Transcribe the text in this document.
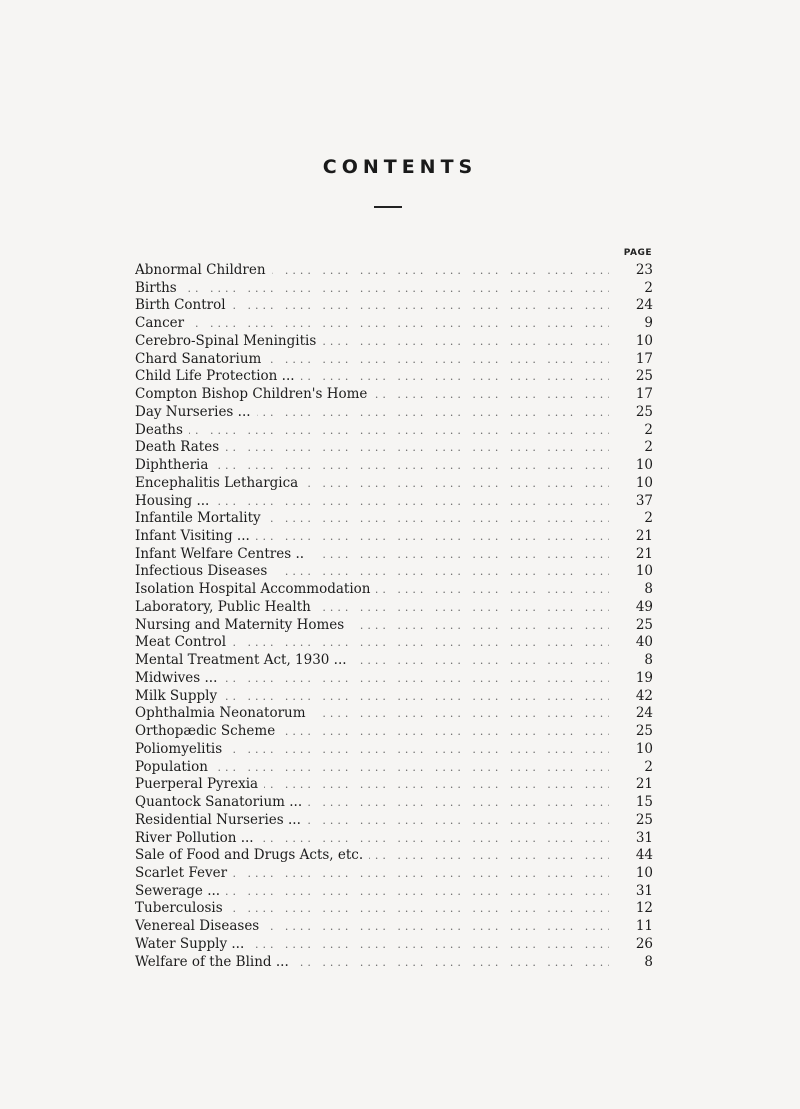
CONTENTS
PAGE
....
Abnormal Children	23
....
Births	2
....
Birth Control	24
....
Cancer	9
....
Cerebro-Spinal Meningitis	10
....
Chard Sanatorium	17
....
Child Life Protection ...	25
....
Compton Bishop Children's Home	17
....
Day Nurseries ...	25
....
Deaths	2
....
Death Rates	2
....
Diphtheria	10
....
Encephalitis Lethargica	10
....
Housing ...	37
....
Infantile Mortality	2
....
Infant Visiting ...	21
....
Infant Welfare Centres ..	21
....
Infectious Diseases	10
....
Isolation Hospital Accommodation	8
....
Laboratory, Public Health	49
....
Nursing and Maternity Homes	25
....
Meat Control	40
....
Mental Treatment Act, 1930 ...	8
....
Midwives ...	19
....
Milk Supply	42
....
Ophthalmia Neonatorum	24
....
Orthopædic Scheme	25
....
Poliomyelitis	10
....
Population	2
....
Puerperal Pyrexia	21
....
Quantock Sanatorium ...	15
....
Residential Nurseries ...	25
....
River Pollution ...	31
....
Sale of Food and Drugs Acts, etc.	44
....
Scarlet Fever	10
....
Sewerage ...	31
....
Tuberculosis	12
....
Venereal Diseases	11
....
Water Supply ...	26
....
Welfare of the Blind ...	8
